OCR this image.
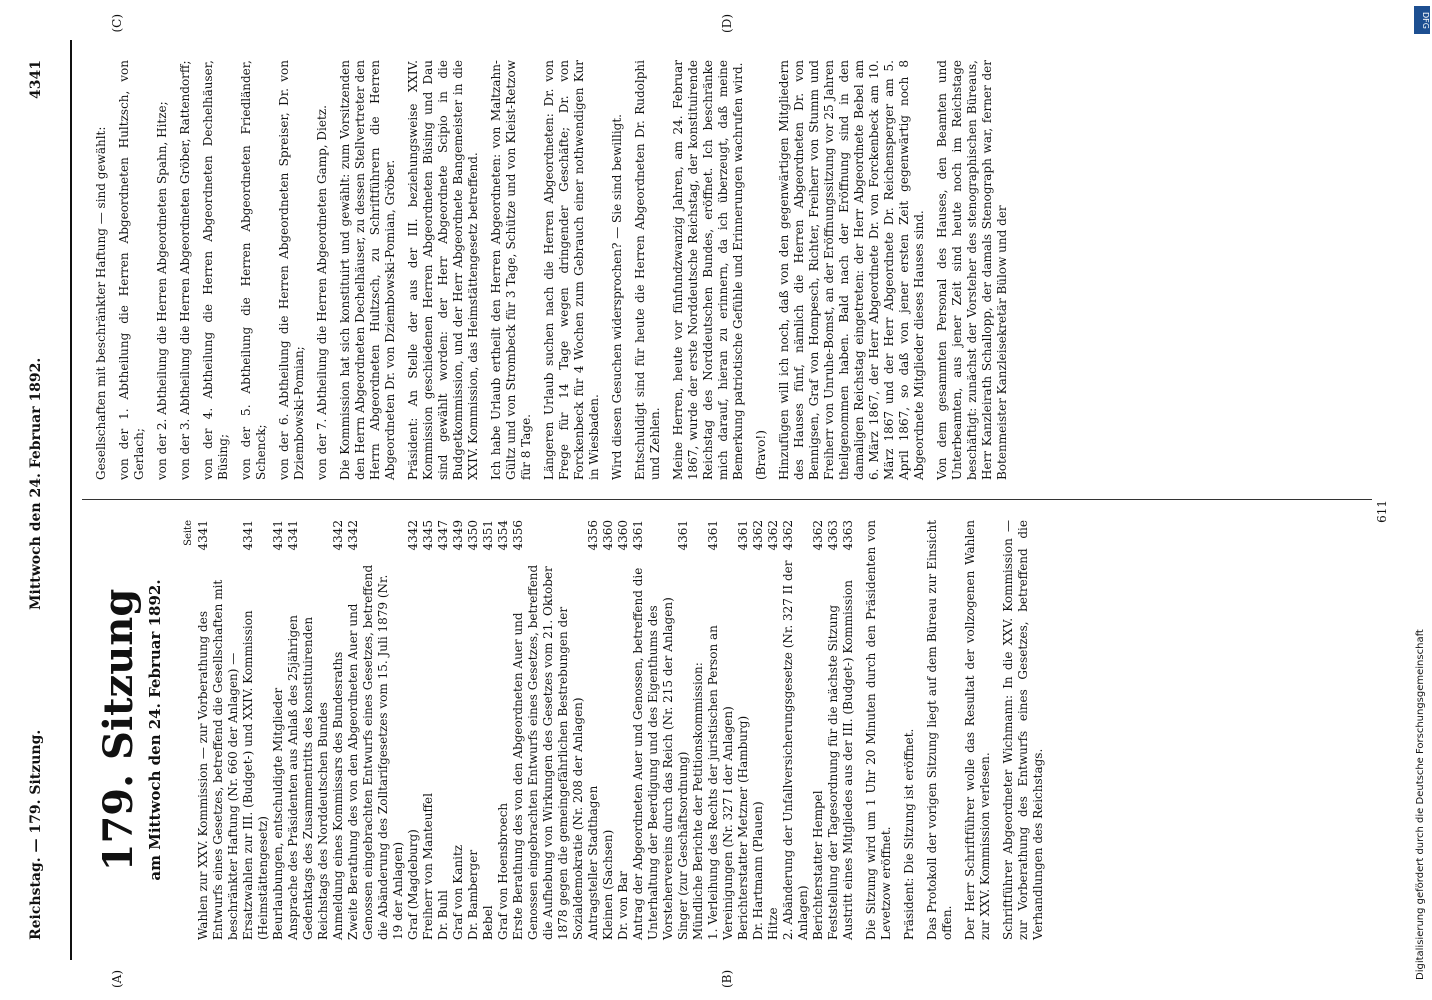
Reichstag. — 179. Sitzung.
Mittwoch den 24. Februar 1892.
4341
(A)	(B)
(C)	(D)
179. Sitzung am Mittwoch den 24. Februar 1892.
Seite
Wahlen zur XXV. Kommission — zur Vorberathung des Entwurfs eines Gesetzes, betreffend die Gesellschaften mit beschränkter Haftung (Nr. 660 der Anlagen) —
4341
Ersatzwahlen zur III. (Budget-) und XXIV. Kommission (Heimstättengesetz)
4341
Beurlaubungen, entschuldigte Mitglieder
4341
Ansprache des Präsidenten aus Anlaß des 25jährigen Gedenktags des Zusammentritts des konstituirenden Reichstags des Norddeutschen Bundes
4341
Anmeldung eines Kommissars des Bundesraths
4342
Zweite Berathung des von den Abgeordneten Auer und Genossen eingebrachten Entwurfs eines Gesetzes, betreffend die Abänderung des Zolltarifgesetzes vom 15. Juli 1879 (Nr. 19 der Anlagen)
4342
Graf (Magdeburg)
4342
Freiherr von Manteuffel
4345
Dr. Buhl
4347
Graf von Kanitz
4349
Dr. Bamberger
4350
Bebel
4351
Graf von Hoensbroech
4354
Erste Berathung des von den Abgeordneten Auer und Genossen eingebrachten Entwurfs eines Gesetzes, betreffend die Aufhebung von Wirkungen des Gesetzes vom 21. Oktober 1878 gegen die gemeingefährlichen Bestrebungen der Sozialdemokratie (Nr. 208 der Anlagen)
4356
Antragsteller Stadthagen
4356
Kleinen (Sachsen)
4360
Dr. von Bar
4360
Antrag der Abgeordneten Auer und Genossen, betreffend die Unterhaltung der Beerdigung und des Eigenthums des Vorstehervereins durch das Reich (Nr. 215 der Anlagen)
4361
Singer (zur Geschäftsordnung)
4361
Mündliche Berichte der Petitionskommission: 1. Verleihung des Rechts der juristischen Person an Vereinigungen (Nr. 327 I der Anlagen)
4361
Berichterstatter Metzner (Hamburg)
4361
Dr. Hartmann (Plauen)
4362
Hitze
4362
2. Abänderung der Unfallversicherungsgesetze (Nr. 327 II der Anlagen)
4362
Berichterstatter Hempel
4362
Feststellung der Tagesordnung für die nächste Sitzung
4363
Austritt eines Mitgliedes aus der III. (Budget-) Kommission
4363 Die Sitzung wird um 1 Uhr 20 Minuten durch den Präsidenten von Levetzow eröffnet. Präsident: Die Sitzung ist eröffnet. Das Protokoll der vorigen Sitzung liegt auf dem Büreau zur Einsicht offen. Der Herr Schriftführer wolle das Resultat der vollzogenen Wahlen zur XXV. Kommission verlesen. Schriftführer Abgeordneter Wichmann: In die XXV. Kommission — zur Vorberathung des Entwurfs eines Gesetzes, betreffend die Verhandlungen des Reichstags.
Gesellschaften mit beschränkter Haftung — sind gewählt: von der 1. Abtheilung die Herren Abgeordneten Hultzsch, von Gerlach; von der 2. Abtheilung die Herren Abgeordneten Spahn, Hitze; von der 3. Abtheilung die Herren Abgeordneten Gröber, Rattendorff; von der 4. Abtheilung die Herren Abgeordneten Dechelhäuser, Büsing; von der 5. Abtheilung die Herren Abgeordneten Friedländer, Schenck; von der 6. Abtheilung die Herren Abgeordneten Spreiser, Dr. von Dziembowski-Pomian; von der 7. Abtheilung die Herren Abgeordneten Gamp, Dietz. Die Kommission hat sich konstituirt und gewählt: zum Vorsitzenden den Herrn Abgeordneten Dechelhäuser, zu dessen Stellvertreter den Herrn Abgeordneten Hultzsch, zu Schriftführern die Herren Abgeordneten Dr. von Dziembowski-Pomian, Gröber. Präsident: An Stelle der aus der III. beziehungsweise XXIV. Kommission geschiedenen Herren Abgeordneten Büsing und Dau sind gewählt worden: der Herr Abgeordnete Scipio in die Budgetkommission, und der Herr Abgeordnete Bangemeister in die XXIV. Kommission, das Heimstättengesetz betreffend. Ich habe Urlaub ertheilt den Herren Abgeordneten: von Maltzahn-Gültz und von Strombeck für 3 Tage, Schütze und von Kleist-Retzow für 8 Tage. Längeren Urlaub suchen nach die Herren Abgeordneten: Dr. von Frege für 14 Tage wegen dringender Geschäfte; Dr. von Forckenbeck für 4 Wochen zum Gebrauch einer nothwendigen Kur in Wiesbaden. Wird diesen Gesuchen widersprochen? — Sie sind bewilligt. Entschuldigt sind für heute die Herren Abgeordneten Dr. Rudolphi und Zehlen. Meine Herren, heute vor fünfundzwanzig Jahren, am 24. Februar 1867, wurde der erste Norddeutsche Reichstag, der konstituirende Reichstag des Norddeutschen Bundes, eröffnet. Ich beschränke mich darauf, hieran zu erinnern, da ich überzeugt, daß meine Bemerkung patriotische Gefühle und Erinnerungen wachrufen wird. (Bravo!) Hinzufügen will ich noch, daß von den gegenwärtigen Mitgliedern des Hauses fünf, nämlich die Herren Abgeordneten Dr. von Bennigsen, Graf von Hompesch, Richter, Freiherr von Stumm und Freiherr von Unruhe-Bomst, an der Eröffnungssitzung vor 25 Jahren theilgenommen haben. Bald nach der Eröffnung sind in den damaligen Reichstag eingetreten: der Herr Abgeordnete Bebel am 6. März 1867, der Herr Abgeordnete Dr. von Forckenbeck am 10. März 1867 und der Herr Abgeordnete Dr. Reichensperger am 5. April 1867, so daß von jener ersten Zeit gegenwärtig noch 8 Abgeordnete Mitglieder dieses Hauses sind. Von dem gesammten Personal des Hauses, den Beamten und Unterbeamten, aus jener Zeit sind heute noch im Reichstage beschäftigt: zunächst der Vorsteher des stenographischen Büreaus, Herr Kanzleirath Schallopp, der damals Stenograph war, ferner der Botenmeister Kanzleisekretär Bülow und der
611
Digitalisierung gefördert durch die Deutsche Forschungsgemeinschaft
DFG
